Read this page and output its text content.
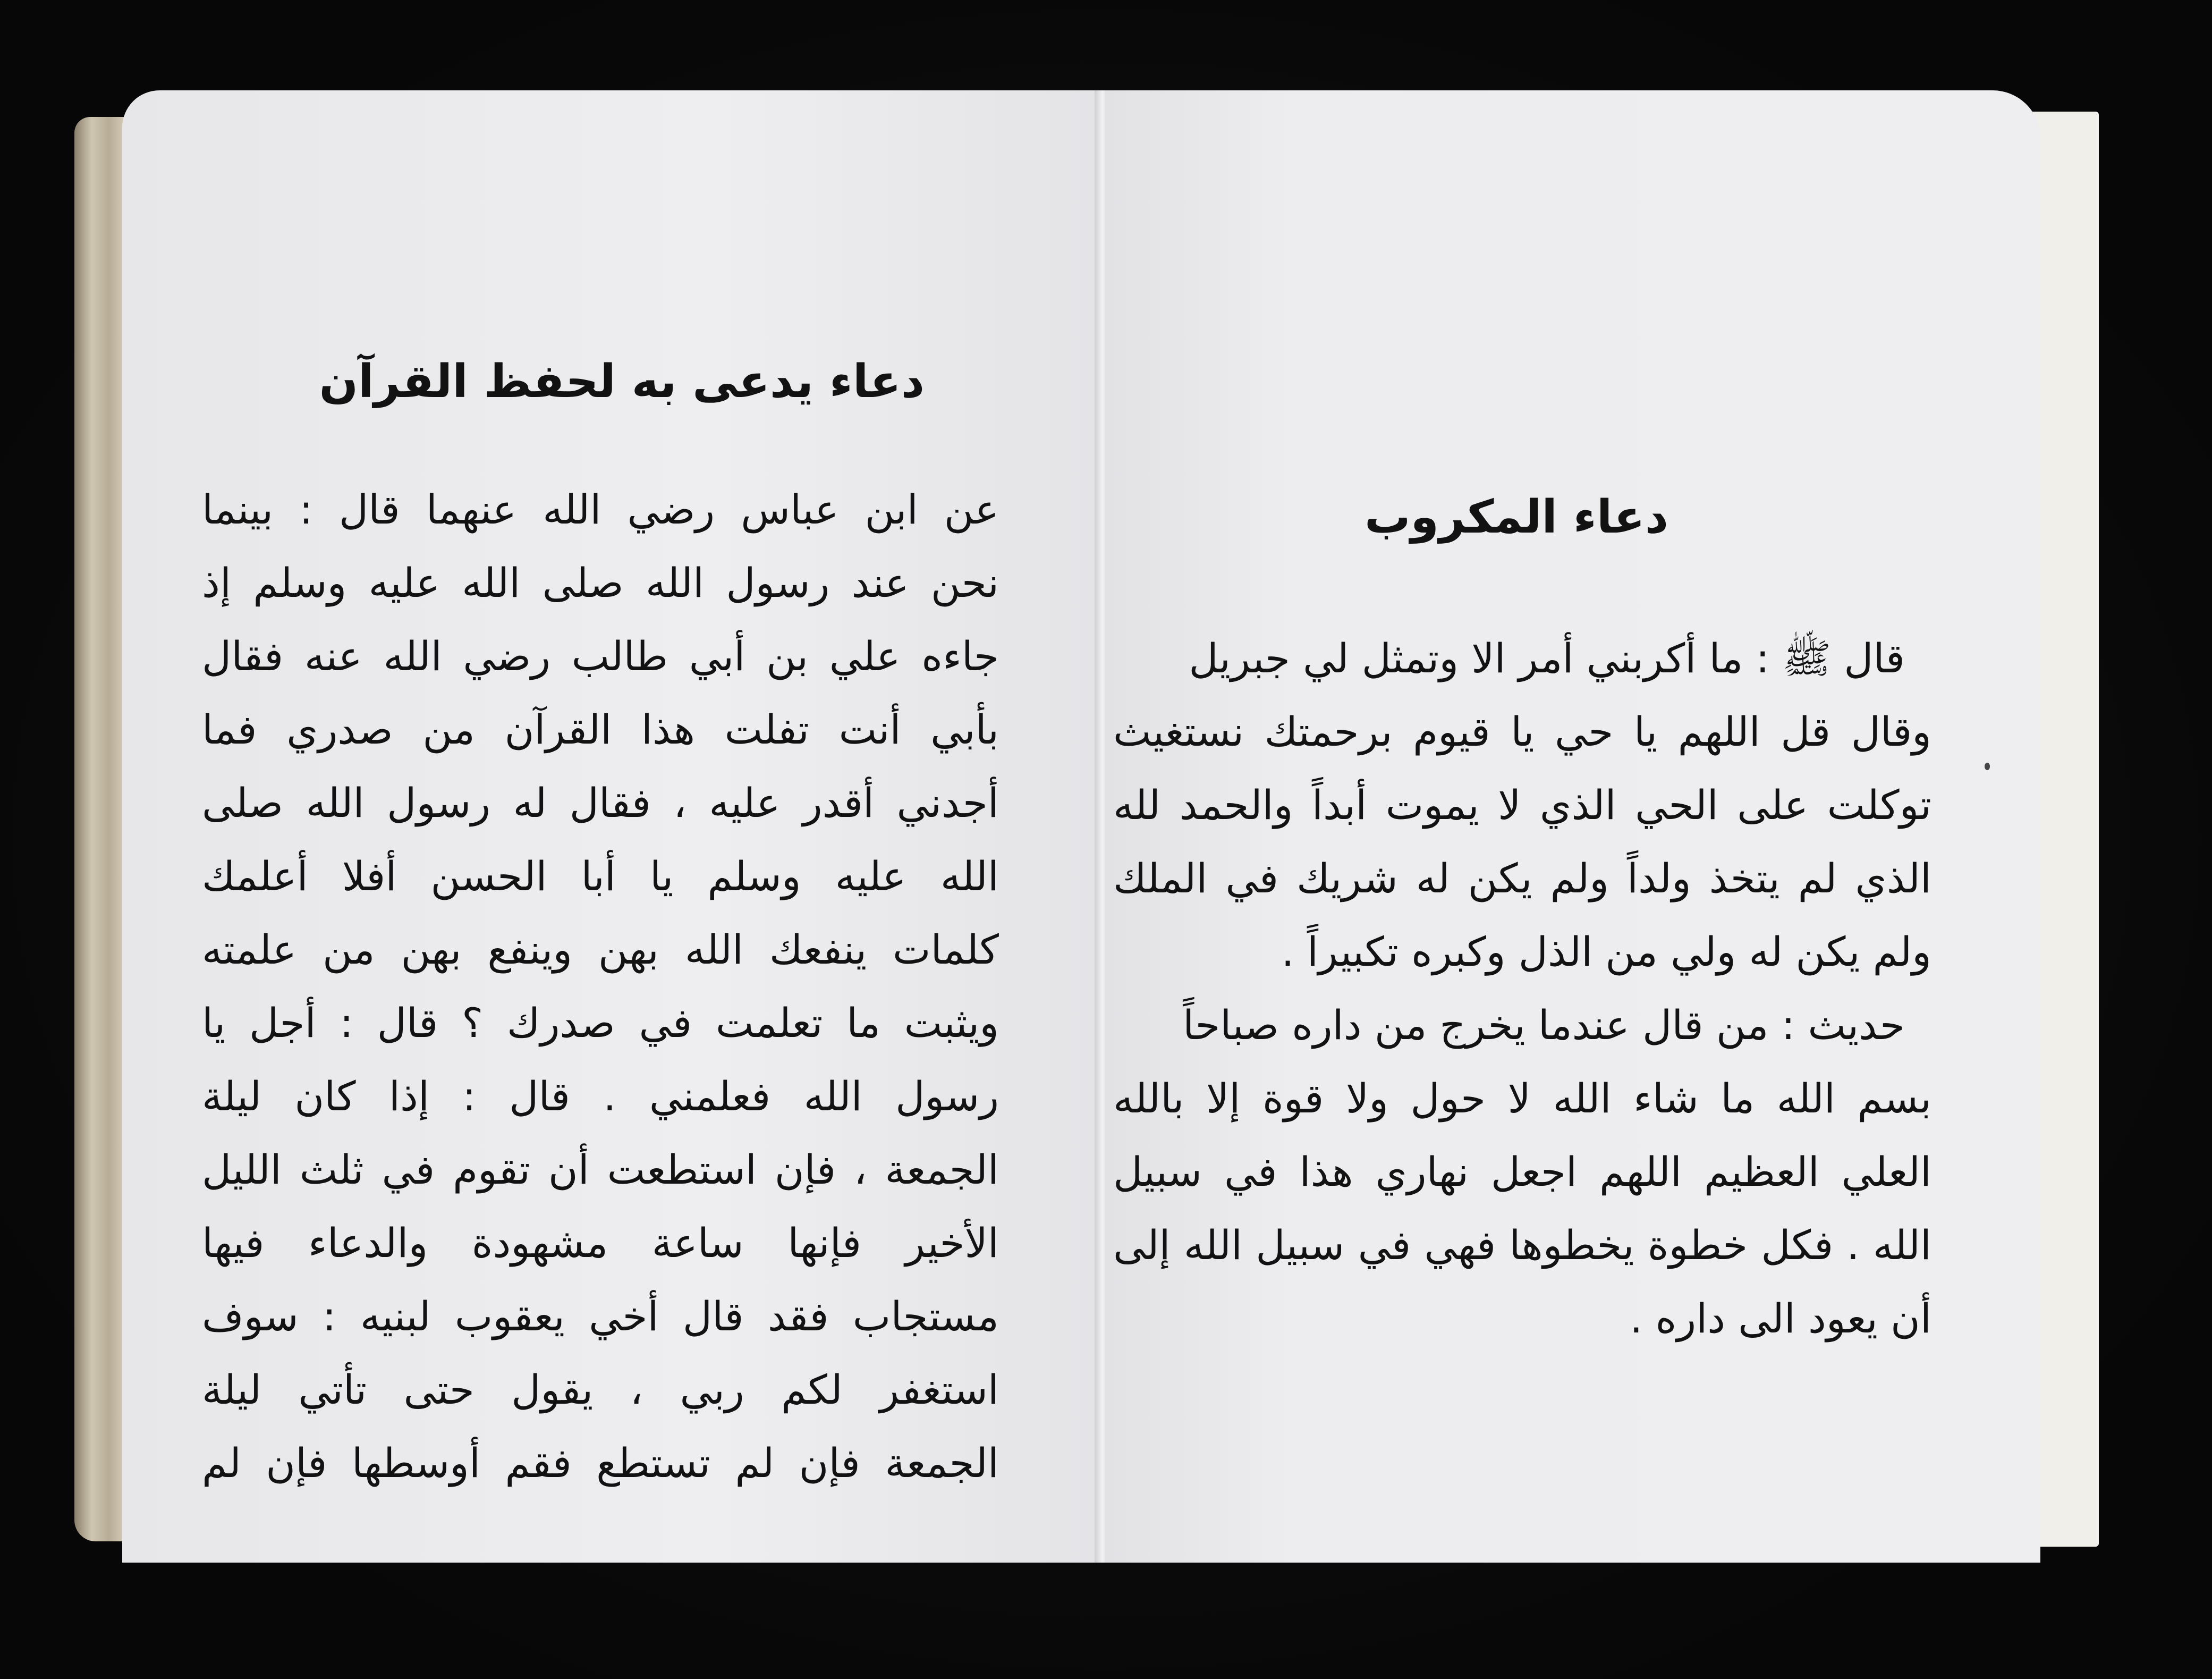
دعاء يدعى به لحفظ القرآن
عن ابن عباس رضي الله عنهما قال : بينما
نحن عند رسول الله صلى الله عليه وسلم إذ
جاءه علي بن أبي طالب رضي الله عنه فقال
بأبي أنت تفلت هذا القرآن من صدري فما
أجدني أقدر عليه ، فقال له رسول الله صلى
الله عليه وسلم يا أبا الحسن أفلا أعلمك
كلمات ينفعك الله بهن وينفع بهن من علمته
ويثبت ما تعلمت في صدرك ؟ قال : أجل يا
رسول الله فعلمني . قال : إذا كان ليلة
الجمعة ، فإن استطعت أن تقوم في ثلث الليل
الأخير فإنها ساعة مشهودة والدعاء فيها
مستجاب فقد قال أخي يعقوب لبنيه : سوف
استغفر لكم ربي ، يقول حتى تأتي ليلة
الجمعة فإن لم تستطع فقم أوسطها فإن لم
دعاء المكروب
قال ﷺ : ما أكربني أمر الا وتمثل لي جبريل
وقال قل اللهم يا حي يا قيوم برحمتك نستغيث
توكلت على الحي الذي لا يموت أبداً والحمد لله
الذي لم يتخذ ولداً ولم يكن له شريك في الملك
ولم يكن له ولي من الذل وكبره تكبيراً .
حديث : من قال عندما يخرج من داره صباحاً
بسم الله ما شاء الله لا حول ولا قوة إلا بالله
العلي العظيم اللهم اجعل نهاري هذا في سبيل
الله . فكل خطوة يخطوها فهي في سبيل الله إلى
أن يعود الى داره .
